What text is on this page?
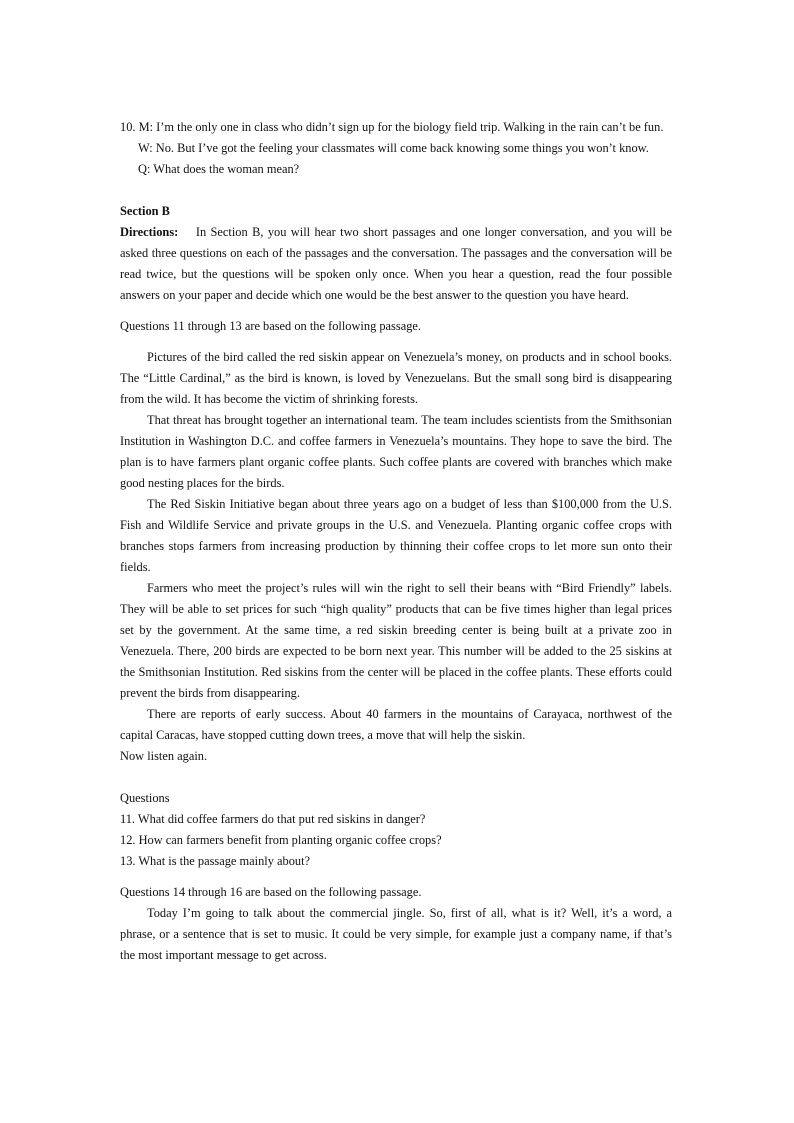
10. M: I’m the only one in class who didn’t sign up for the biology field trip. Walking in the rain can’t be fun.

W: No. But I’ve got the feeling your classmates will come back knowing some things you won’t know.

Q: What does the woman mean?

Section B

Directions: In Section B, you will hear two short passages and one longer conversation, and you will be asked three questions on each of the passages and the conversation. The passages and the conversation will be read twice, but the questions will be spoken only once. When you hear a question, read the four possible answers on your paper and decide which one would be the best answer to the question you have heard.

Questions 11 through 13 are based on the following passage.

Pictures of the bird called the red siskin appear on Venezuela’s money, on products and in school books. The “Little Cardinal,” as the bird is known, is loved by Venezuelans. But the small song bird is disappearing from the wild. It has become the victim of shrinking forests.

That threat has brought together an international team. The team includes scientists from the Smithsonian Institution in Washington D.C. and coffee farmers in Venezuela’s mountains. They hope to save the bird. The plan is to have farmers plant organic coffee plants. Such coffee plants are covered with branches which make good nesting places for the birds.

The Red Siskin Initiative began about three years ago on a budget of less than $100,000 from the U.S. Fish and Wildlife Service and private groups in the U.S. and Venezuela. Planting organic coffee crops with branches stops farmers from increasing production by thinning their coffee crops to let more sun onto their fields.

Farmers who meet the project’s rules will win the right to sell their beans with “Bird Friendly” labels. They will be able to set prices for such “high quality” products that can be five times higher than legal prices set by the government. At the same time, a red siskin breeding center is being built at a private zoo in Venezuela. There, 200 birds are expected to be born next year. This number will be added to the 25 siskins at the Smithsonian Institution. Red siskins from the center will be placed in the coffee plants. These efforts could prevent the birds from disappearing.

There are reports of early success. About 40 farmers in the mountains of Carayaca, northwest of the capital Caracas, have stopped cutting down trees, a move that will help the siskin.

Now listen again.

Questions

11. What did coffee farmers do that put red siskins in danger?

12. How can farmers benefit from planting organic coffee crops?

13. What is the passage mainly about?

Questions 14 through 16 are based on the following passage.

Today I’m going to talk about the commercial jingle. So, first of all, what is it? Well, it’s a word, a phrase, or a sentence that is set to music. It could be very simple, for example just a company name, if that’s the most important message to get across.
